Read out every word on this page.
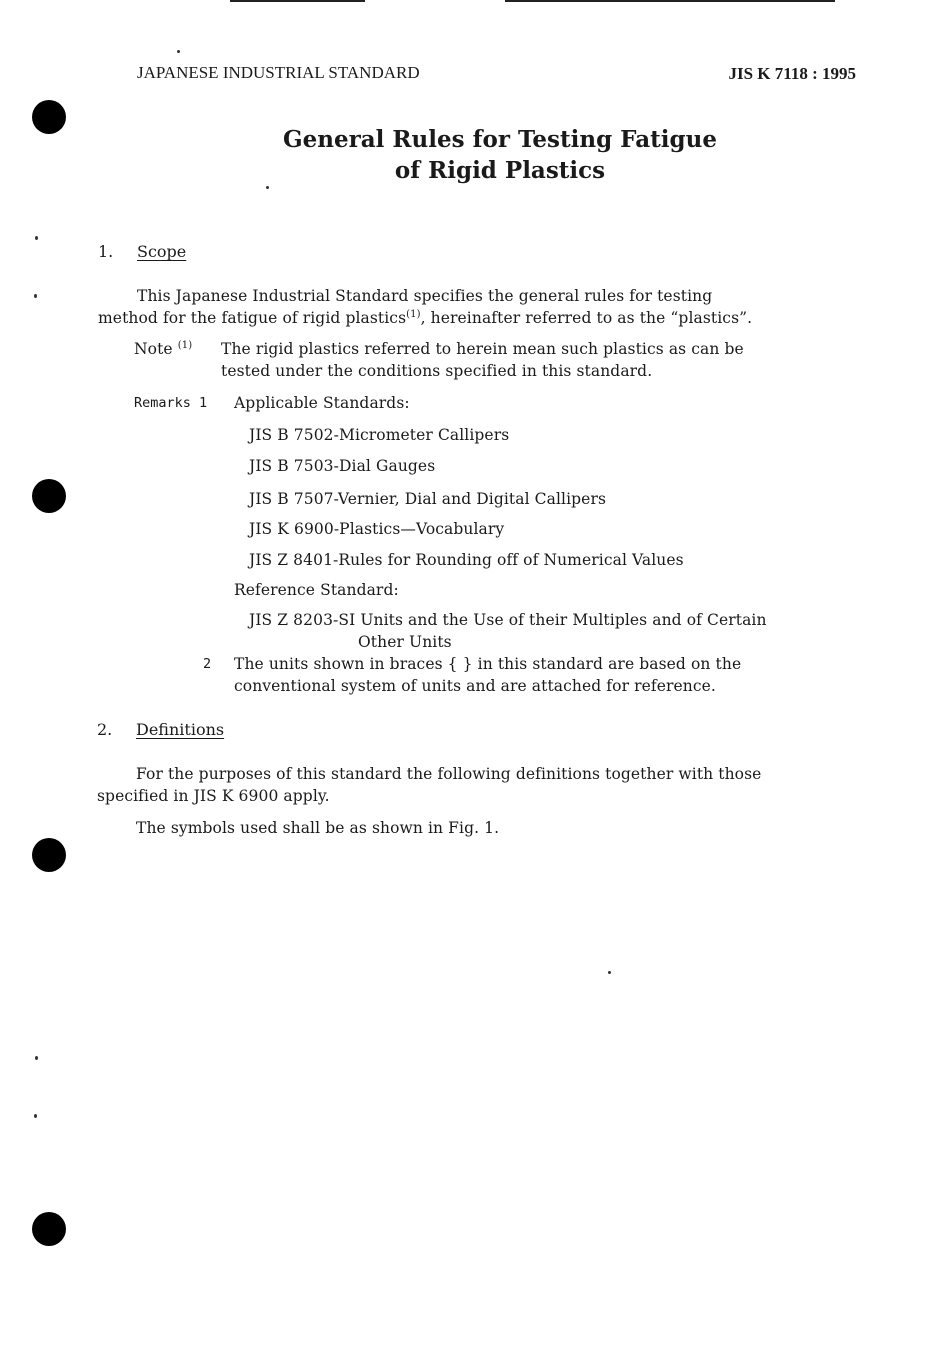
JAPANESE INDUSTRIAL STANDARD	JIS K 7118 : 1995
General Rules for Testing Fatigue
of Rigid Plastics
1. Scope
This Japanese Industrial Standard specifies the general rules for testing
method for the fatigue of rigid plastics$^{(1)}$, hereinafter referred to as the “plastics”.
Note $^{(1)}$ The rigid plastics referred to herein mean such plastics as can be
tested under the conditions specified in this standard.
Remarks 1 Applicable Standards:
JIS B 7502-Micrometer Callipers
JIS B 7503-Dial Gauges
JIS B 7507-Vernier, Dial and Digital Callipers
JIS K 6900-Plastics—Vocabulary
JIS Z 8401-Rules for Rounding off of Numerical Values
Reference Standard:
JIS Z 8203-SI Units and the Use of their Multiples and of Certain
Other Units
2 The units shown in braces { } in this standard are based on the
conventional system of units and are attached for reference.
2. Definitions
For the purposes of this standard the following definitions together with those
specified in JIS K 6900 apply.
The symbols used shall be as shown in Fig. 1.
